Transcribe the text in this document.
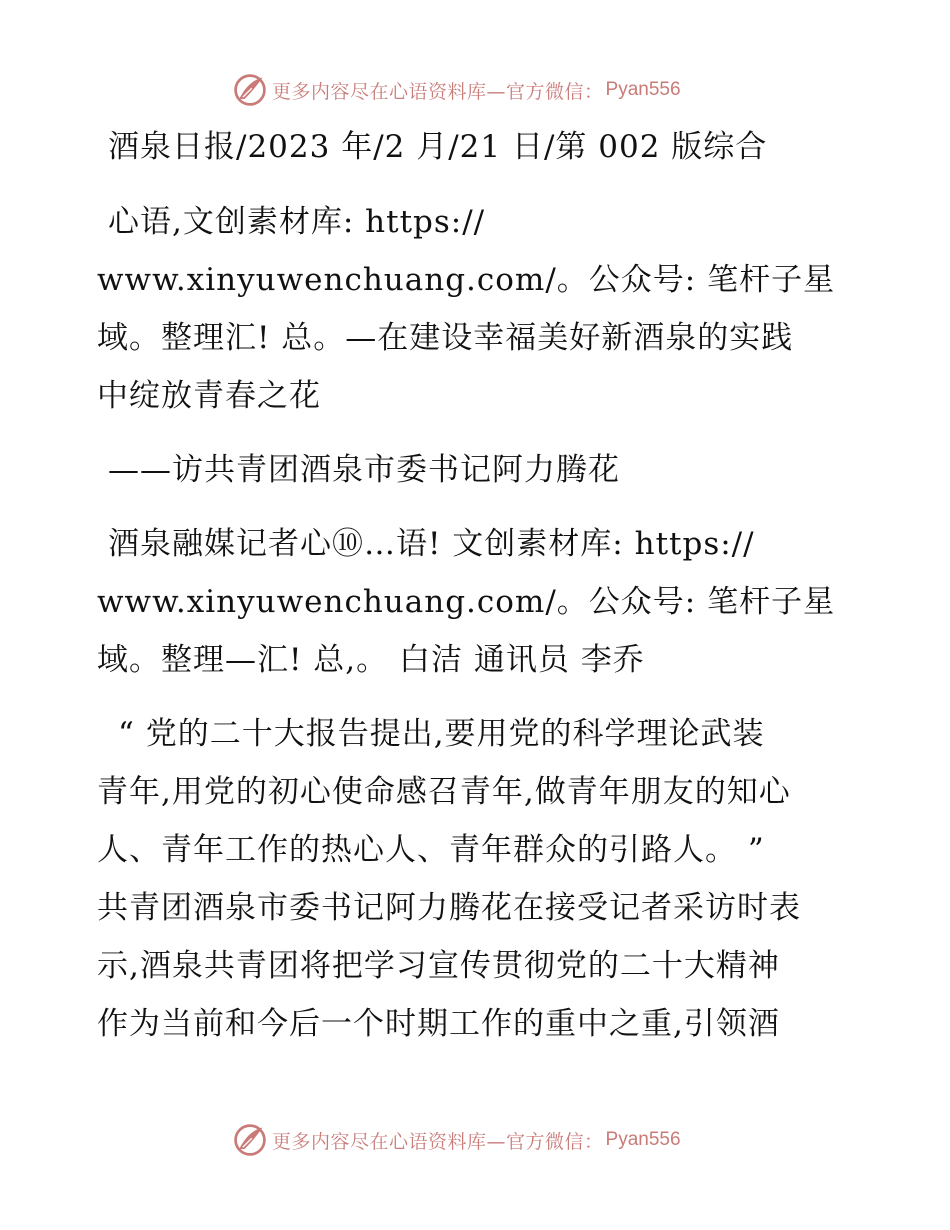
更多内容尽在心语资料库—官方微信： Pyan556
酒泉日报/2023 年/2 月/21 日/第 002 版综合
心语,文创素材库: https://
www.xinyuwenchuang.com/。公众号: 笔杆子星
域。整理汇! 总。—在建设幸福美好新酒泉的实践
中绽放青春之花
——访共青团酒泉市委书记阿力腾花
酒泉融媒记者心⑩…语! 文创素材库: https://
www.xinyuwenchuang.com/。公众号: 笔杆子星
域。整理—汇! 总,。 白洁 通讯员 李乔
“ 党的二十大报告提出,要用党的科学理论武装
青年,用党的初心使命感召青年,做青年朋友的知心
人、青年工作的热心人、青年群众的引路人。 ”
共青团酒泉市委书记阿力腾花在接受记者采访时表
示,酒泉共青团将把学习宣传贯彻党的二十大精神
作为当前和今后一个时期工作的重中之重,引领酒
更多内容尽在心语资料库—官方微信： Pyan556
